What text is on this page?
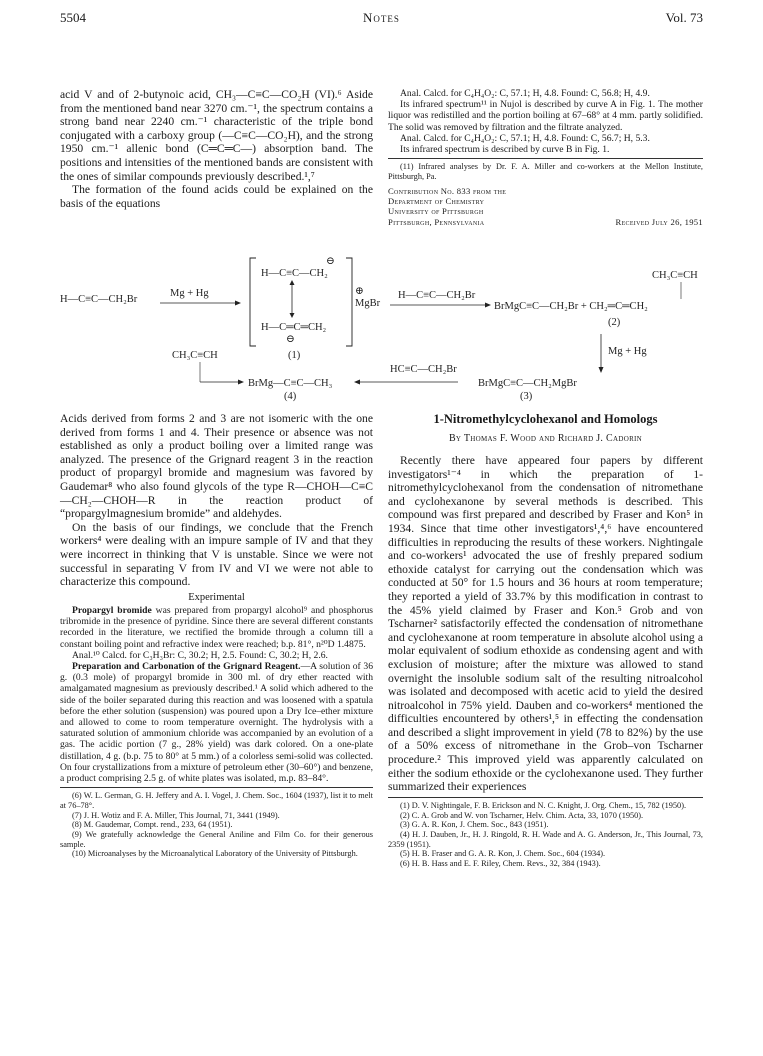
5504	Notes	Vol. 73

acid V and of 2-butynoic acid, CH₃—C≡C—CO₂H (VI).⁶ Aside from the mentioned band near 3270 cm.⁻¹, the spectrum contains a strong band near 2240 cm.⁻¹ characteristic of the triple bond conjugated with a carboxy group (—C≡C—CO₂H), and the strong 1950 cm.⁻¹ allenic bond (C═C═C—) absorption band. The positions and intensities of the mentioned bands are consistent with the ones of similar compounds previously described.¹,⁷

The formation of the found acids could be explained on the basis of the equations

Anal. Calcd. for C₄H₄O₂: C, 57.1; H, 4.8. Found: C, 56.8; H, 4.9.

Its infrared spectrum¹¹ in Nujol is described by curve A in Fig. 1. The mother liquor was redistilled and the portion boiling at 67–68° at 4 mm. partly solidified. The solid was removed by filtration and the filtrate analyzed.

Anal. Calcd. for C₄H₄O₂: C, 57.1; H, 4.8. Found: C, 56.7; H, 5.3.

Its infrared spectrum is described by curve B in Fig. 1.

(11) Infrared analyses by Dr. F. A. Miller and co-workers at the Mellon Institute, Pittsburgh, Pa.

Contribution No. 833 from the
Department of Chemistry
University of Pittsburgh
Pittsburgh, Pennsylvania	Received July 26, 1951
H—C≡C—CH₂Br
Mg + Hg
⊖
H—C≡C—CH₂
H—C═C═CH₂
⊖
(1)
⊕
MgBr
H—C≡C—CH₂Br
BrMgC≡C—CH₂Br + CH₂═C═CH₂
CH₃C≡CH
(2)
Mg + Hg
CH₃C≡CH
BrMg—C≡C—CH₃
(4)
HC≡C—CH₂Br
BrMgC≡C—CH₂MgBr
(3)

Acids derived from forms 2 and 3 are not isomeric with the one derived from forms 1 and 4. Their presence or absence was not established as only a product boiling over a limited range was analyzed. The presence of the Grignard reagent 3 in the reaction product of propargyl bromide and magnesium was favored by Gaudemar⁸ who also found glycols of the type R—CHOH—C≡C—CH₂—CHOH—R in the reaction product of “propargylmagnesium bromide” and aldehydes.

On the basis of our findings, we conclude that the French workers⁴ were dealing with an impure sample of IV and that they were incorrect in thinking that V is unstable. Since we were not successful in separating V from IV and VI we were not able to characterize this compound.

Experimental

Propargyl bromide was prepared from propargyl alcohol⁹ and phosphorus tribromide in the presence of pyridine. Since there are several different constants recorded in the literature, we rectified the bromide through a column till a constant boiling point and refractive index were reached; b.p. 81°, n²⁰D 1.4875.

Anal.¹⁰ Calcd. for C₃H₃Br: C, 30.2; H, 2.5. Found: C, 30.2; H, 2.6.

Preparation and Carbonation of the Grignard Reagent.—A solution of 36 g. (0.3 mole) of propargyl bromide in 300 ml. of dry ether reacted with amalgamated magnesium as previously described.¹ A solid which adhered to the side of the boiler separated during this reaction and was loosened with a spatula before the ether solution (suspension) was poured upon a Dry Ice–ether mixture and allowed to come to room temperature overnight. The hydrolysis with a saturated solution of ammonium chloride was accompanied by an evolution of a gas. The acidic portion (7 g., 28% yield) was dark colored. On a one-plate distillation, 4 g. (b.p. 75 to 80° at 5 mm.) of a colorless semi-solid was collected. On four crystallizations from a mixture of petroleum ether (30–60°) and benzene, a product comprising 2.5 g. of white plates was isolated, m.p. 83–84°.

(6) W. L. German, G. H. Jeffery and A. I. Vogel, J. Chem. Soc., 1604 (1937), list it to melt at 76–78°.

(7) J. H. Wotiz and F. A. Miller, This Journal, 71, 3441 (1949).

(8) M. Gaudemar, Compt. rend., 233, 64 (1951).

(9) We gratefully acknowledge the General Aniline and Film Co. for their generous sample.

(10) Microanalyses by the Microanalytical Laboratory of the University of Pittsburgh.

1-Nitromethylcyclohexanol and Homologs

By Thomas F. Wood and Richard J. Cadorin

Recently there have appeared four papers by different investigators¹⁻⁴ in which the preparation of 1-nitromethylcyclohexanol from the condensation of nitromethane and cyclohexanone by several methods is described. This compound was first prepared and described by Fraser and Kon⁵ in 1934. Since that time other investigators¹,⁴,⁶ have encountered difficulties in reproducing the results of these workers. Nightingale and co-workers¹ advocated the use of freshly prepared sodium ethoxide catalyst for carrying out the condensation which was conducted at 50° for 1.5 hours and 36 hours at room temperature; they reported a yield of 33.7% by this modification in contrast to the 45% yield claimed by Fraser and Kon.⁵ Grob and von Tscharner² satisfactorily effected the condensation of nitromethane and cyclohexanone at room temperature in absolute alcohol using a molar equivalent of sodium ethoxide as condensing agent and with exclusion of moisture; after the mixture was allowed to stand overnight the insoluble sodium salt of the resulting nitroalcohol was isolated and decomposed with acetic acid to yield the desired nitroalcohol in 75% yield. Dauben and co-workers⁴ mentioned the difficulties encountered by others¹,⁵ in effecting the condensation and described a slight improvement in yield (78 to 82%) by the use of a 50% excess of nitromethane in the Grob–von Tscharner procedure.² This improved yield was apparently calculated on either the sodium ethoxide or the cyclohexanone used. They further summarized their experiences

(1) D. V. Nightingale, F. B. Erickson and N. C. Knight, J. Org. Chem., 15, 782 (1950).

(2) C. A. Grob and W. von Tscharner, Helv. Chim. Acta, 33, 1070 (1950).

(3) G. A. R. Kon, J. Chem. Soc., 843 (1951).

(4) H. J. Dauben, Jr., H. J. Ringold, R. H. Wade and A. G. Anderson, Jr., This Journal, 73, 2359 (1951).

(5) H. B. Fraser and G. A. R. Kon, J. Chem. Soc., 604 (1934).

(6) H. B. Hass and E. F. Riley, Chem. Revs., 32, 384 (1943).
